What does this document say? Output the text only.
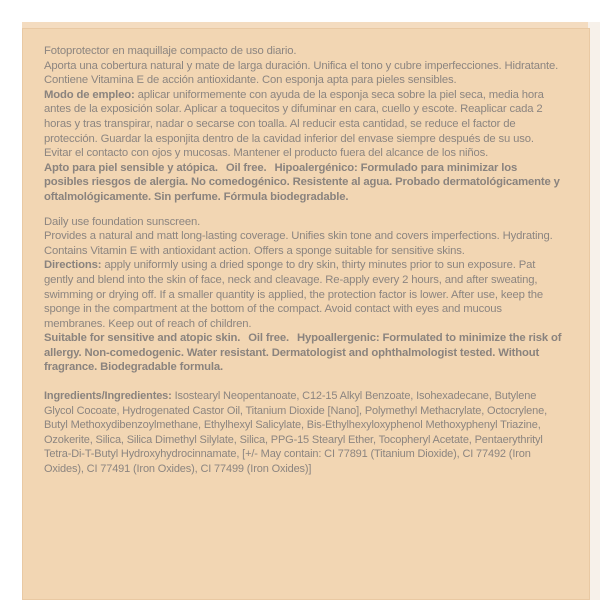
Fotoprotector en maquillaje compacto de uso diario.

Aporta una cobertura natural y mate de larga duración. Unifica el tono y cubre imperfecciones. Hidratante.

Contiene Vitamina E de acción antioxidante. Con esponja apta para pieles sensibles.

Modo de empleo: aplicar uniformemente con ayuda de la esponja seca sobre la piel seca, media hora antes de la exposición solar. Aplicar a toquecitos y difuminar en cara, cuello y escote. Reaplicar cada 2 horas y tras transpirar, nadar o secarse con toalla. Al reducir esta cantidad, se reduce el factor de protección. Guardar la esponjita dentro de la cavidad inferior del envase siempre después de su uso. Evitar el contacto con ojos y mucosas. Mantener el producto fuera del alcance de los niños.

Apto para piel sensible y atópica. Oil free. Hipoalergénico: Formulado para minimizar los posibles riesgos de alergia. No comedogénico. Resistente al agua. Probado dermatológicamente y oftalmológicamente. Sin perfume. Fórmula biodegradable.

Daily use foundation sunscreen.

Provides a natural and matt long-lasting coverage. Unifies skin tone and covers imperfections. Hydrating.

Contains Vitamin E with antioxidant action. Offers a sponge suitable for sensitive skins.

Directions: apply uniformly using a dried sponge to dry skin, thirty minutes prior to sun exposure. Pat gently and blend into the skin of face, neck and cleavage. Re-apply every 2 hours, and after sweating, swimming or drying off. If a smaller quantity is applied, the protection factor is lower. After use, keep the sponge in the compartment at the bottom of the compact. Avoid contact with eyes and mucous membranes. Keep out of reach of children.

Suitable for sensitive and atopic skin. Oil free. Hypoallergenic: Formulated to minimize the risk of allergy. Non-comedogenic. Water resistant. Dermatologist and ophthalmologist tested. Without fragrance. Biodegradable formula.

Ingredients/Ingredientes: Isostearyl Neopentanoate, C12-15 Alkyl Benzoate, Isohexadecane, Butylene Glycol Cocoate, Hydrogenated Castor Oil, Titanium Dioxide [Nano], Polymethyl Methacrylate, Octocrylene, Butyl Methoxydibenzoylmethane, Ethylhexyl Salicylate, Bis-Ethylhexyloxyphenol Methoxyphenyl Triazine, Ozokerite, Silica, Silica Dimethyl Silylate, Silica, PPG-15 Stearyl Ether, Tocopheryl Acetate, Pentaerythrityl Tetra-Di-T-Butyl Hydroxyhydrocinnamate, [+/- May contain: CI 77891 (Titanium Dioxide), CI 77492 (Iron Oxides), CI 77491 (Iron Oxides), CI 77499 (Iron Oxides)]
